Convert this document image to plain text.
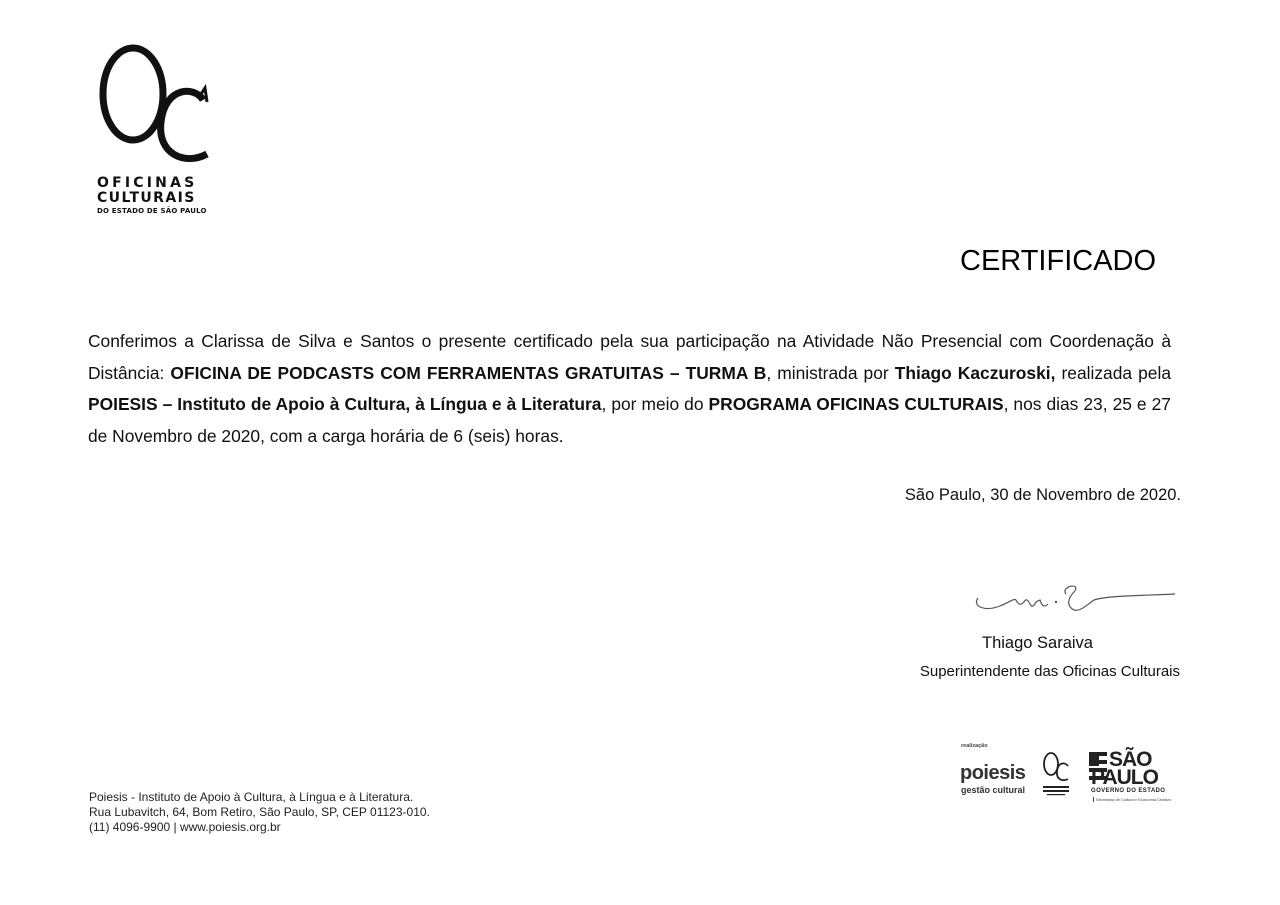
OFICINAS
CULTURAIS
DO ESTADO DE SÃO PAULO
CERTIFICADO
Conferimos a Clarissa de Silva e Santos o presente certificado pela sua participação na Atividade Não Presencial com Coordenação à Distância: OFICINA DE PODCASTS COM FERRAMENTAS GRATUITAS – TURMA B, ministrada por Thiago Kaczuroski, realizada pela POIESIS – Instituto de Apoio à Cultura, à Língua e à Literatura, por meio do PROGRAMA OFICINAS CULTURAIS, nos dias 23, 25 e 27 de Novembro de 2020, com a carga horária de 6 (seis) horas.
São Paulo, 30 de Novembro de 2020.
Thiago Saraiva
Superintendente das Oficinas Culturais
Poiesis - Instituto de Apoio à Cultura, à Língua e à Literatura.
Rua Lubavitch, 64, Bom Retiro, São Paulo, SP, CEP 01123-010.
(11) 4096-9900 | www.poiesis.org.br
realização
poiesis
gestão cultural
SÃO
PAULO
GOVERNO DO ESTADO
Secretaria de Cultura e Economia Criativa
